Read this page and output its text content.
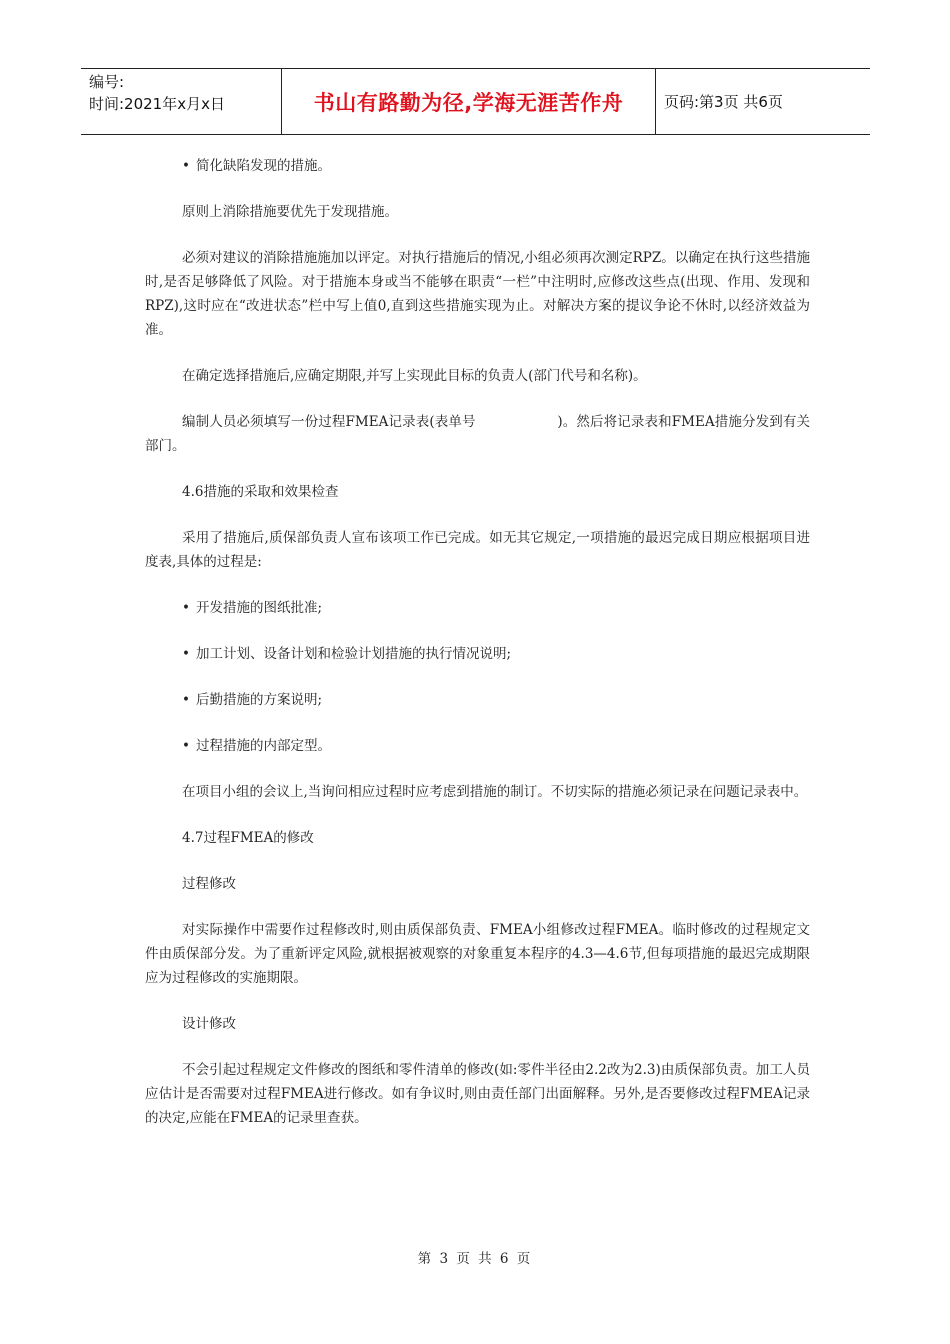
编号:
时间:2021年x月x日	书山有路勤为径,学海无涯苦作舟	页码:第3页 共6页
• 简化缺陷发现的措施。

原则上消除措施要优先于发现措施。

必须对建议的消除措施施加以评定。对执行措施后的情况,小组必须再次测定RPZ。以确定在执行这些措施时,是否足够降低了风险。对于措施本身或当不能够在职责“一栏”中注明时,应修改这些点(出现、作用、发现和RPZ),这时应在“改进状态”栏中写上值0,直到这些措施实现为止。对解决方案的提议争论不休时,以经济效益为准。

在确定选择措施后,应确定期限,并写上实现此目标的负责人(部门代号和名称)。

编制人员必须填写一份过程FMEA记录表(表单号　　　　　　)。然后将记录表和FMEA措施分发到有关部门。

4.6措施的采取和效果检查

采用了措施后,质保部负责人宣布该项工作已完成。如无其它规定,一项措施的最迟完成日期应根据项目进度表,具体的过程是:

• 开发措施的图纸批准;
• 加工计划、设备计划和检验计划措施的执行情况说明;
• 后勤措施的方案说明;
• 过程措施的内部定型。

在项目小组的会议上,当询问相应过程时应考虑到措施的制订。不切实际的措施必须记录在问题记录表中。

4.7过程FMEA的修改

过程修改

对实际操作中需要作过程修改时,则由质保部负责、FMEA小组修改过程FMEA。临时修改的过程规定文件由质保部分发。为了重新评定风险,就根据被观察的对象重复本程序的4.3—4.6节,但每项措施的最迟完成期限应为过程修改的实施期限。

设计修改

不会引起过程规定文件修改的图纸和零件清单的修改(如:零件半径由2.2改为2.3)由质保部负责。加工人员应估计是否需要对过程FMEA进行修改。如有争议时,则由责任部门出面解释。另外,是否要修改过程FMEA记录的决定,应能在FMEA的记录里查获。

第 3 页 共 6 页
